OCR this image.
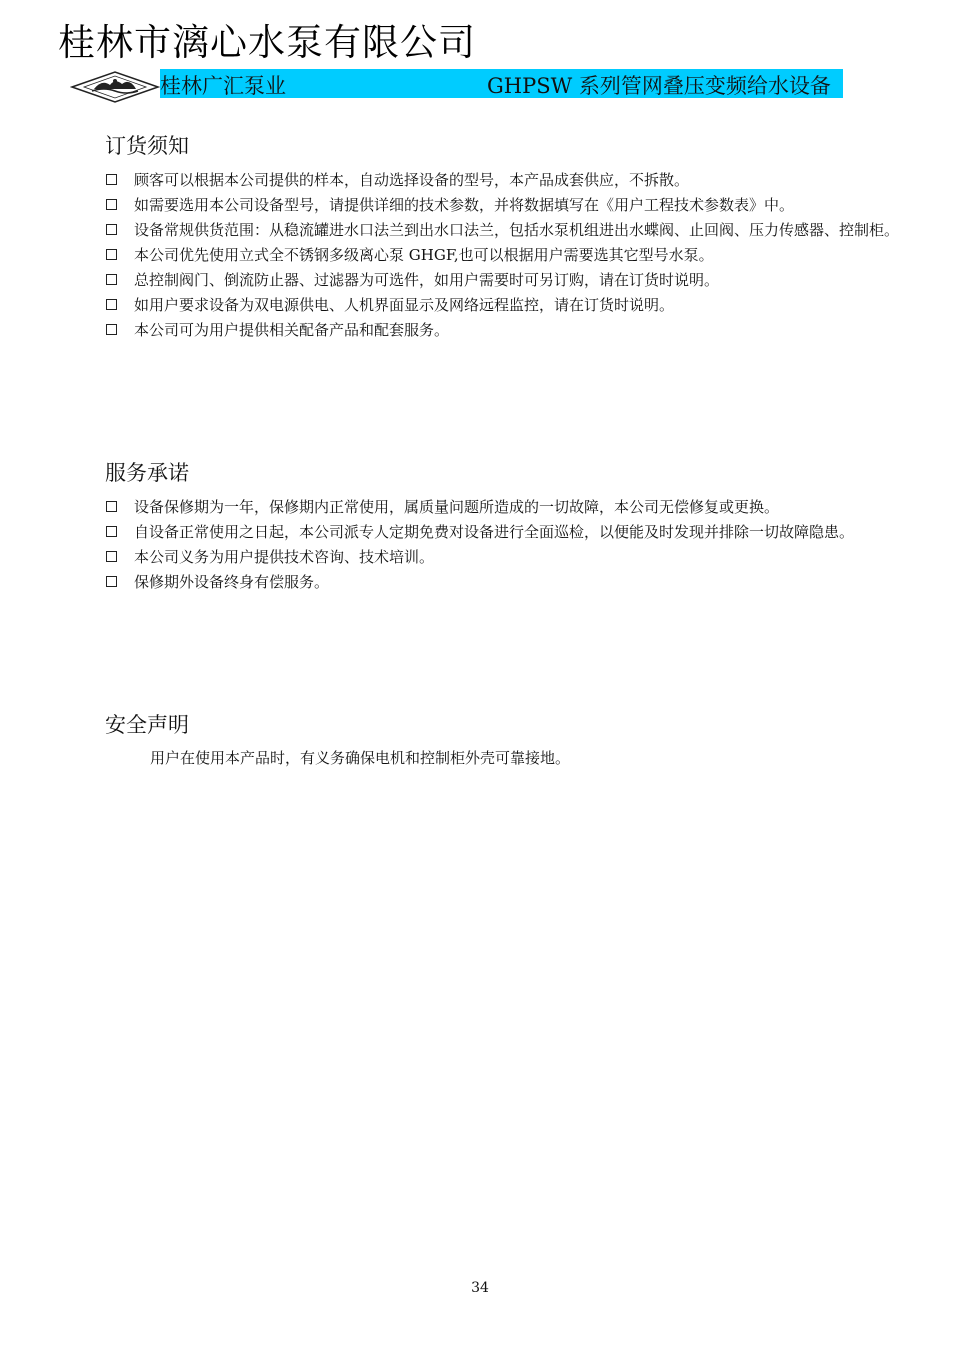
桂林市漓心水泵有限公司
桂林广汇泵业	GHPSW 系列管网叠压变频给水设备
订货须知
顾客可以根据本公司提供的样本，自动选择设备的型号，本产品成套供应，不拆散。
如需要选用本公司设备型号，请提供详细的技术参数，并将数据填写在《用户工程技术参数表》中。
设备常规供货范围：从稳流罐进水口法兰到出水口法兰，包括水泵机组进出水蝶阀、止回阀、压力传感器、控制柜。
本公司优先使用立式全不锈钢多级离心泵 GHGF,也可以根据用户需要选其它型号水泵。
总控制阀门、倒流防止器、过滤器为可选件，如用户需要时可另订购，请在订货时说明。
如用户要求设备为双电源供电、人机界面显示及网络远程监控，请在订货时说明。
本公司可为用户提供相关配备产品和配套服务。
服务承诺
设备保修期为一年，保修期内正常使用，属质量问题所造成的一切故障，本公司无偿修复或更换。
自设备正常使用之日起，本公司派专人定期免费对设备进行全面巡检，以便能及时发现并排除一切故障隐患。
本公司义务为用户提供技术咨询、技术培训。
保修期外设备终身有偿服务。
安全声明
用户在使用本产品时，有义务确保电机和控制柜外壳可靠接地。
34
